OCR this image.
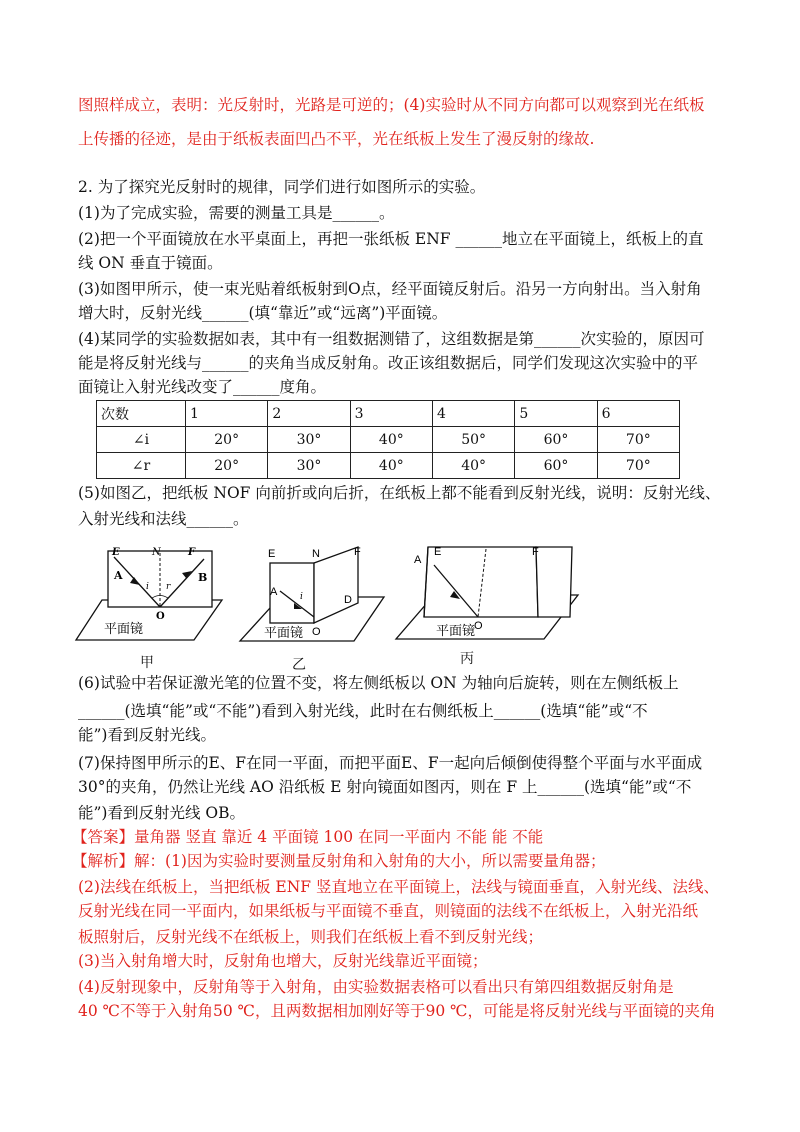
图照样成立，表明：光反射时，光路是可逆的；(4)实验时从不同方向都可以观察到光在纸板
上传播的径迹，是由于纸板表面凹凸不平，光在纸板上发生了漫反射的缘故.
2. 为了探究光反射时的规律，同学们进行如图所示的实验。
(1)为了完成实验，需要的测量工具是______。
(2)把一个平面镜放在水平桌面上，再把一张纸板 ENF ______地立在平面镜上，纸板上的直
线 ON 垂直于镜面。
(3)如图甲所示，使一束光贴着纸板射到O点，经平面镜反射后。沿另一方向射出。当入射角
增大时，反射光线______(填“靠近”或“远离”)平面镜。
(4)某同学的实验数据如表，其中有一组数据测错了，这组数据是第______次实验的，原因可
能是将反射光线与______的夹角当成反射角。改正该组数据后，同学们发现这次实验中的平
面镜让入射光线改变了______度角。
次数	1	2	3	4	5	6
∠i	20°	30°	40°	50°	60°	70°
∠r	20°	30°	40°	40°	60°	70°
(5)如图乙，把纸板 NOF 向前折或向后折，在纸板上都不能看到反射光线，说明：反射光线、
入射光线和法线______。
E	N	F
A	B
i r
O
平面镜
甲
E	N	F
A	i	D
O
平面镜
乙
E	F
A
O
平面镜
丙
(6)试验中若保证激光笔的位置不变，将左侧纸板以 ON 为轴向后旋转，则在左侧纸板上
______(选填“能”或“不能”)看到入射光线，此时在右侧纸板上______(选填“能”或“不
能”)看到反射光线。
(7)保持图甲所示的E、F在同一平面，而把平面E、F一起向后倾倒使得整个平面与水平面成
30°的夹角，仍然让光线 AO 沿纸板 E 射向镜面如图丙，则在 F 上______(选填“能”或“不
能”)看到反射光线 OB。
【答案】量角器 竖直 靠近 4 平面镜 100 在同一平面内 不能 能 不能
【解析】解：(1)因为实验时要测量反射角和入射角的大小，所以需要量角器；
(2)法线在纸板上，当把纸板 ENF 竖直地立在平面镜上，法线与镜面垂直，入射光线、法线、
反射光线在同一平面内，如果纸板与平面镜不垂直，则镜面的法线不在纸板上，入射光沿纸
板照射后，反射光线不在纸板上，则我们在纸板上看不到反射光线；
(3)当入射角增大时，反射角也增大，反射光线靠近平面镜；
(4)反射现象中，反射角等于入射角，由实验数据表格可以看出只有第四组数据反射角是
40 ℃不等于入射角50 ℃，且两数据相加刚好等于90 ℃，可能是将反射光线与平面镜的夹角
